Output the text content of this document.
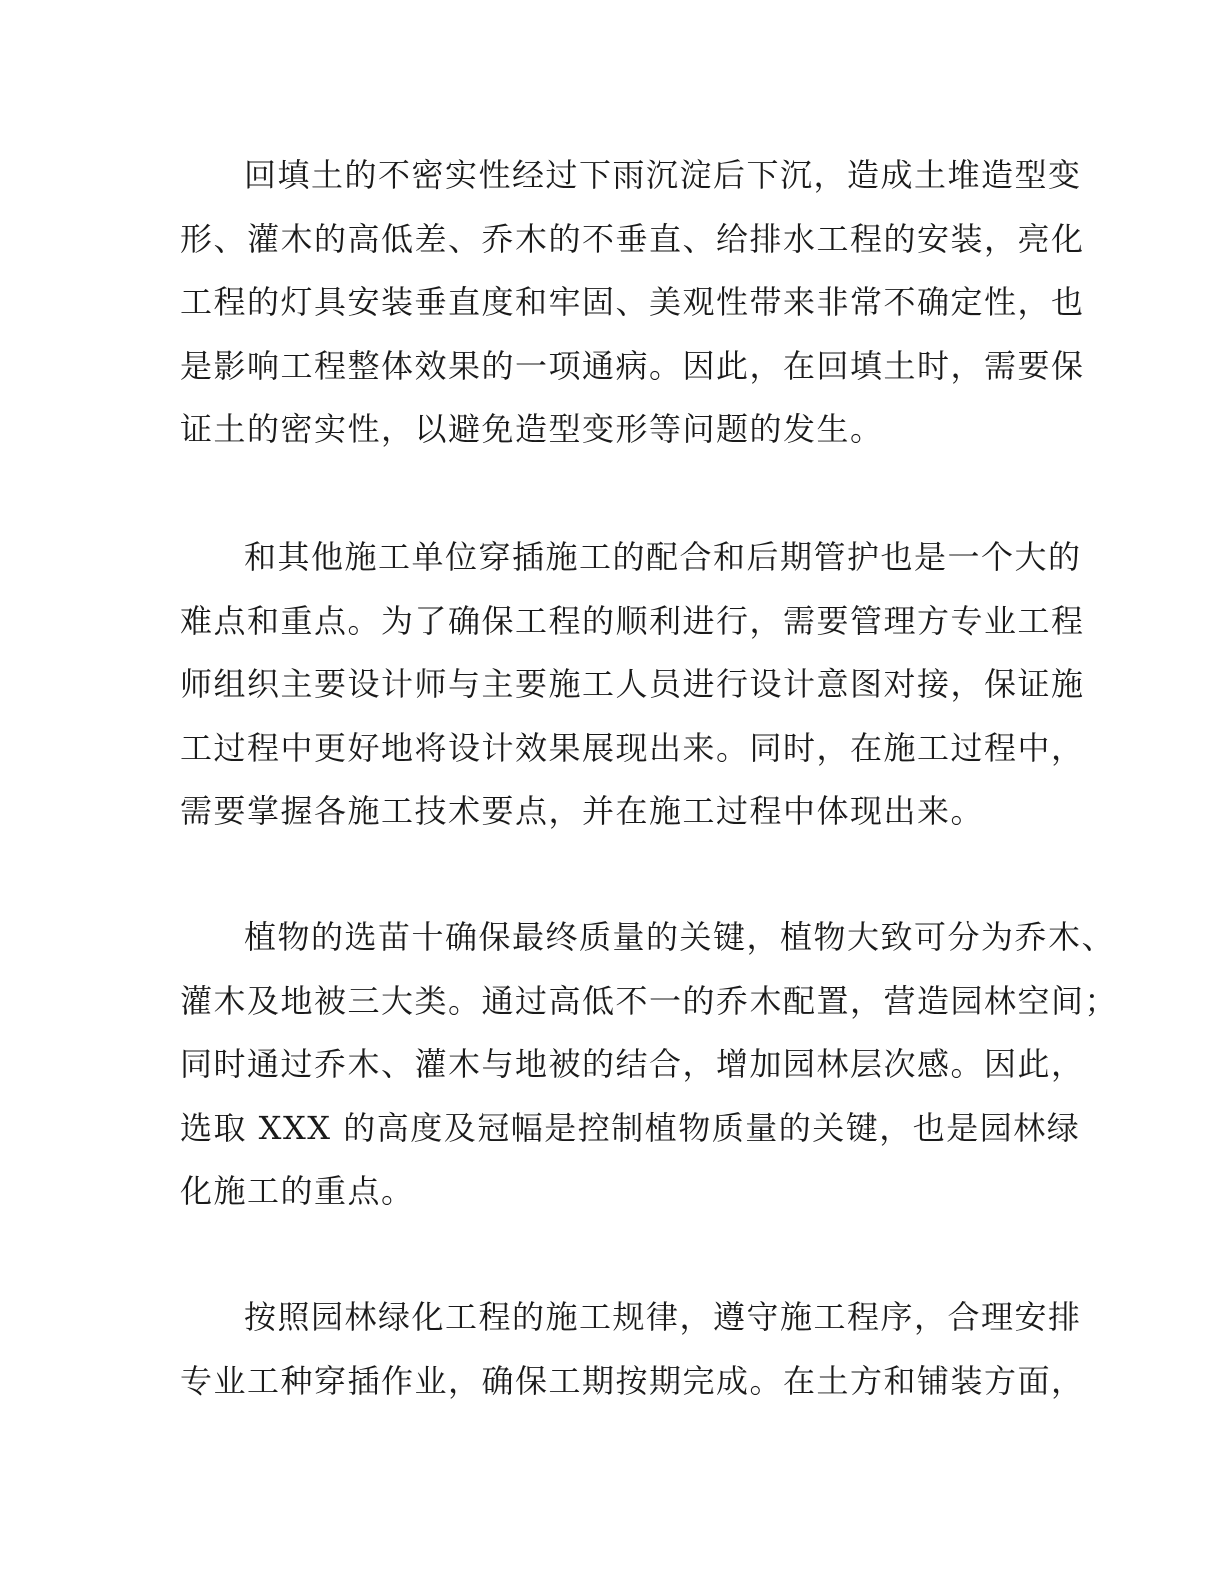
回填土的不密实性经过下雨沉淀后下沉，造成土堆造型变
形、灌木的高低差、乔木的不垂直、给排水工程的安装，亮化
工程的灯具安装垂直度和牢固、美观性带来非常不确定性，也
是影响工程整体效果的一项通病。因此，在回填土时，需要保
证土的密实性，以避免造型变形等问题的发生。
和其他施工单位穿插施工的配合和后期管护也是一个大的
难点和重点。为了确保工程的顺利进行，需要管理方专业工程
师组织主要设计师与主要施工人员进行设计意图对接，保证施
工过程中更好地将设计效果展现出来。同时，在施工过程中，
需要掌握各施工技术要点，并在施工过程中体现出来。
植物的选苗十确保最终质量的关键，植物大致可分为乔木、
灌木及地被三大类。通过高低不一的乔木配置，营造园林空间；
同时通过乔木、灌木与地被的结合，增加园林层次感。因此，
选取 XXX 的高度及冠幅是控制植物质量的关键，也是园林绿
化施工的重点。
按照园林绿化工程的施工规律，遵守施工程序，合理安排
专业工种穿插作业，确保工期按期完成。在土方和铺装方面，
